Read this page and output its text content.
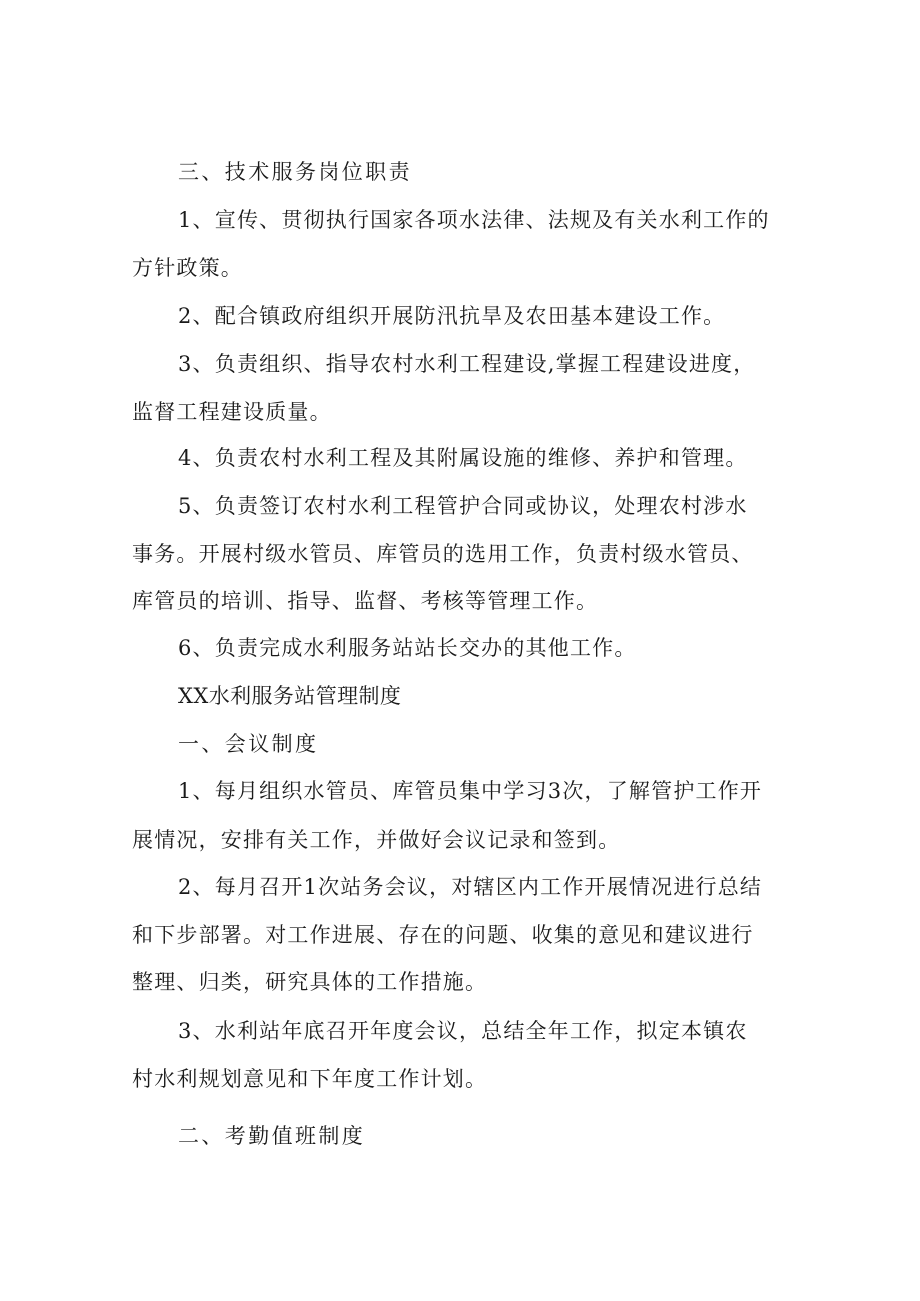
三、技术服务岗位职责
1、宣传、贯彻执行国家各项水法律、法规及有关水利工作的
方针政策。
2、配合镇政府组织开展防汛抗旱及农田基本建设工作。
3、负责组织、指导农村水利工程建设,掌握工程建设进度，
监督工程建设质量。
4、负责农村水利工程及其附属设施的维修、养护和管理。
5、负责签订农村水利工程管护合同或协议，处理农村涉水
事务。开展村级水管员、库管员的选用工作，负责村级水管员、
库管员的培训、指导、监督、考核等管理工作。
6、负责完成水利服务站站长交办的其他工作。
XX水利服务站管理制度
一、会议制度
1、每月组织水管员、库管员集中学习3次，了解管护工作开
展情况，安排有关工作，并做好会议记录和签到。
2、每月召开1次站务会议，对辖区内工作开展情况进行总结
和下步部署。对工作进展、存在的问题、收集的意见和建议进行
整理、归类，研究具体的工作措施。
3、水利站年底召开年度会议，总结全年工作，拟定本镇农
村水利规划意见和下年度工作计划。
二、考勤值班制度
